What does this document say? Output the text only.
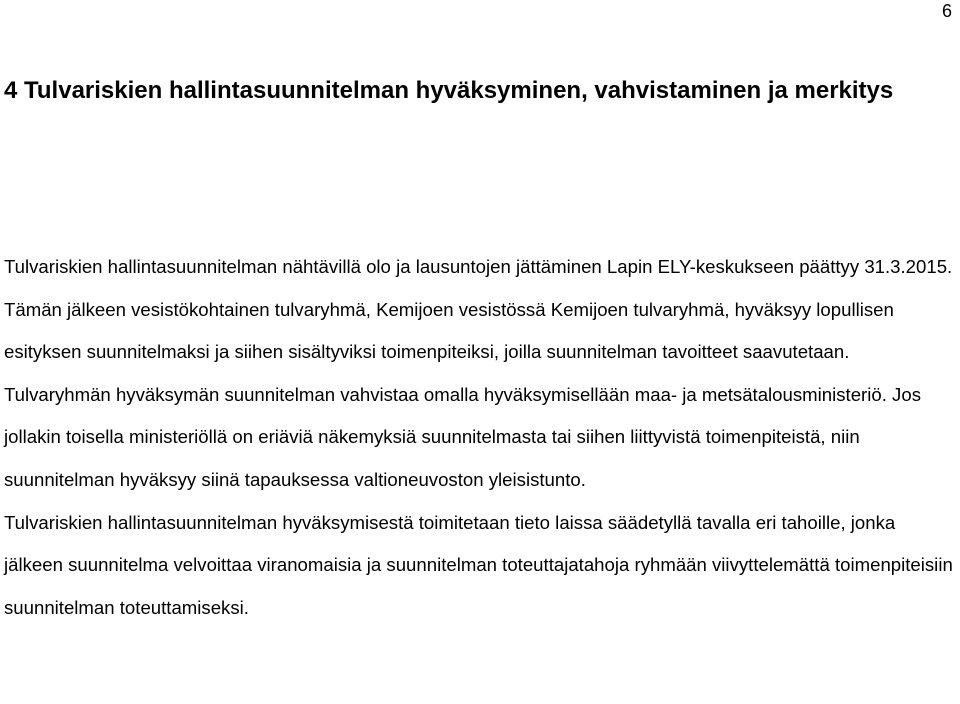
6
4 Tulvariskien hallintasuunnitelman hyväksyminen, vahvistaminen ja merkitys

Tulvariskien hallintasuunnitelman nähtävillä olo ja lausuntojen jättäminen Lapin ELY-keskukseen päättyy 31.3.2015. Tämän jälkeen vesistökohtainen tulvaryhmä, Kemijoen vesistössä Kemijoen tulvaryhmä, hyväksyy lopullisen esityksen suunnitelmaksi ja siihen sisältyviksi toimenpiteiksi, joilla suunnitelman tavoitteet saavutetaan.

Tulvaryhmän hyväksymän suunnitelman vahvistaa omalla hyväksymisellään maa- ja metsätalousministeriö. Jos jollakin toisella ministeriöllä on eriäviä näkemyksiä suunnitelmasta tai siihen liittyvistä toimenpiteistä, niin suunnitelman hyväksyy siinä tapauksessa valtioneuvoston yleisistunto.

Tulvariskien hallintasuunnitelman hyväksymisestä toimitetaan tieto laissa säädetyllä tavalla eri tahoille, jonka jälkeen suunnitelma velvoittaa viranomaisia ja suunnitelman toteuttajatahoja ryhmään viivyttelemättä toimenpiteisiin suunnitelman toteuttamiseksi.
